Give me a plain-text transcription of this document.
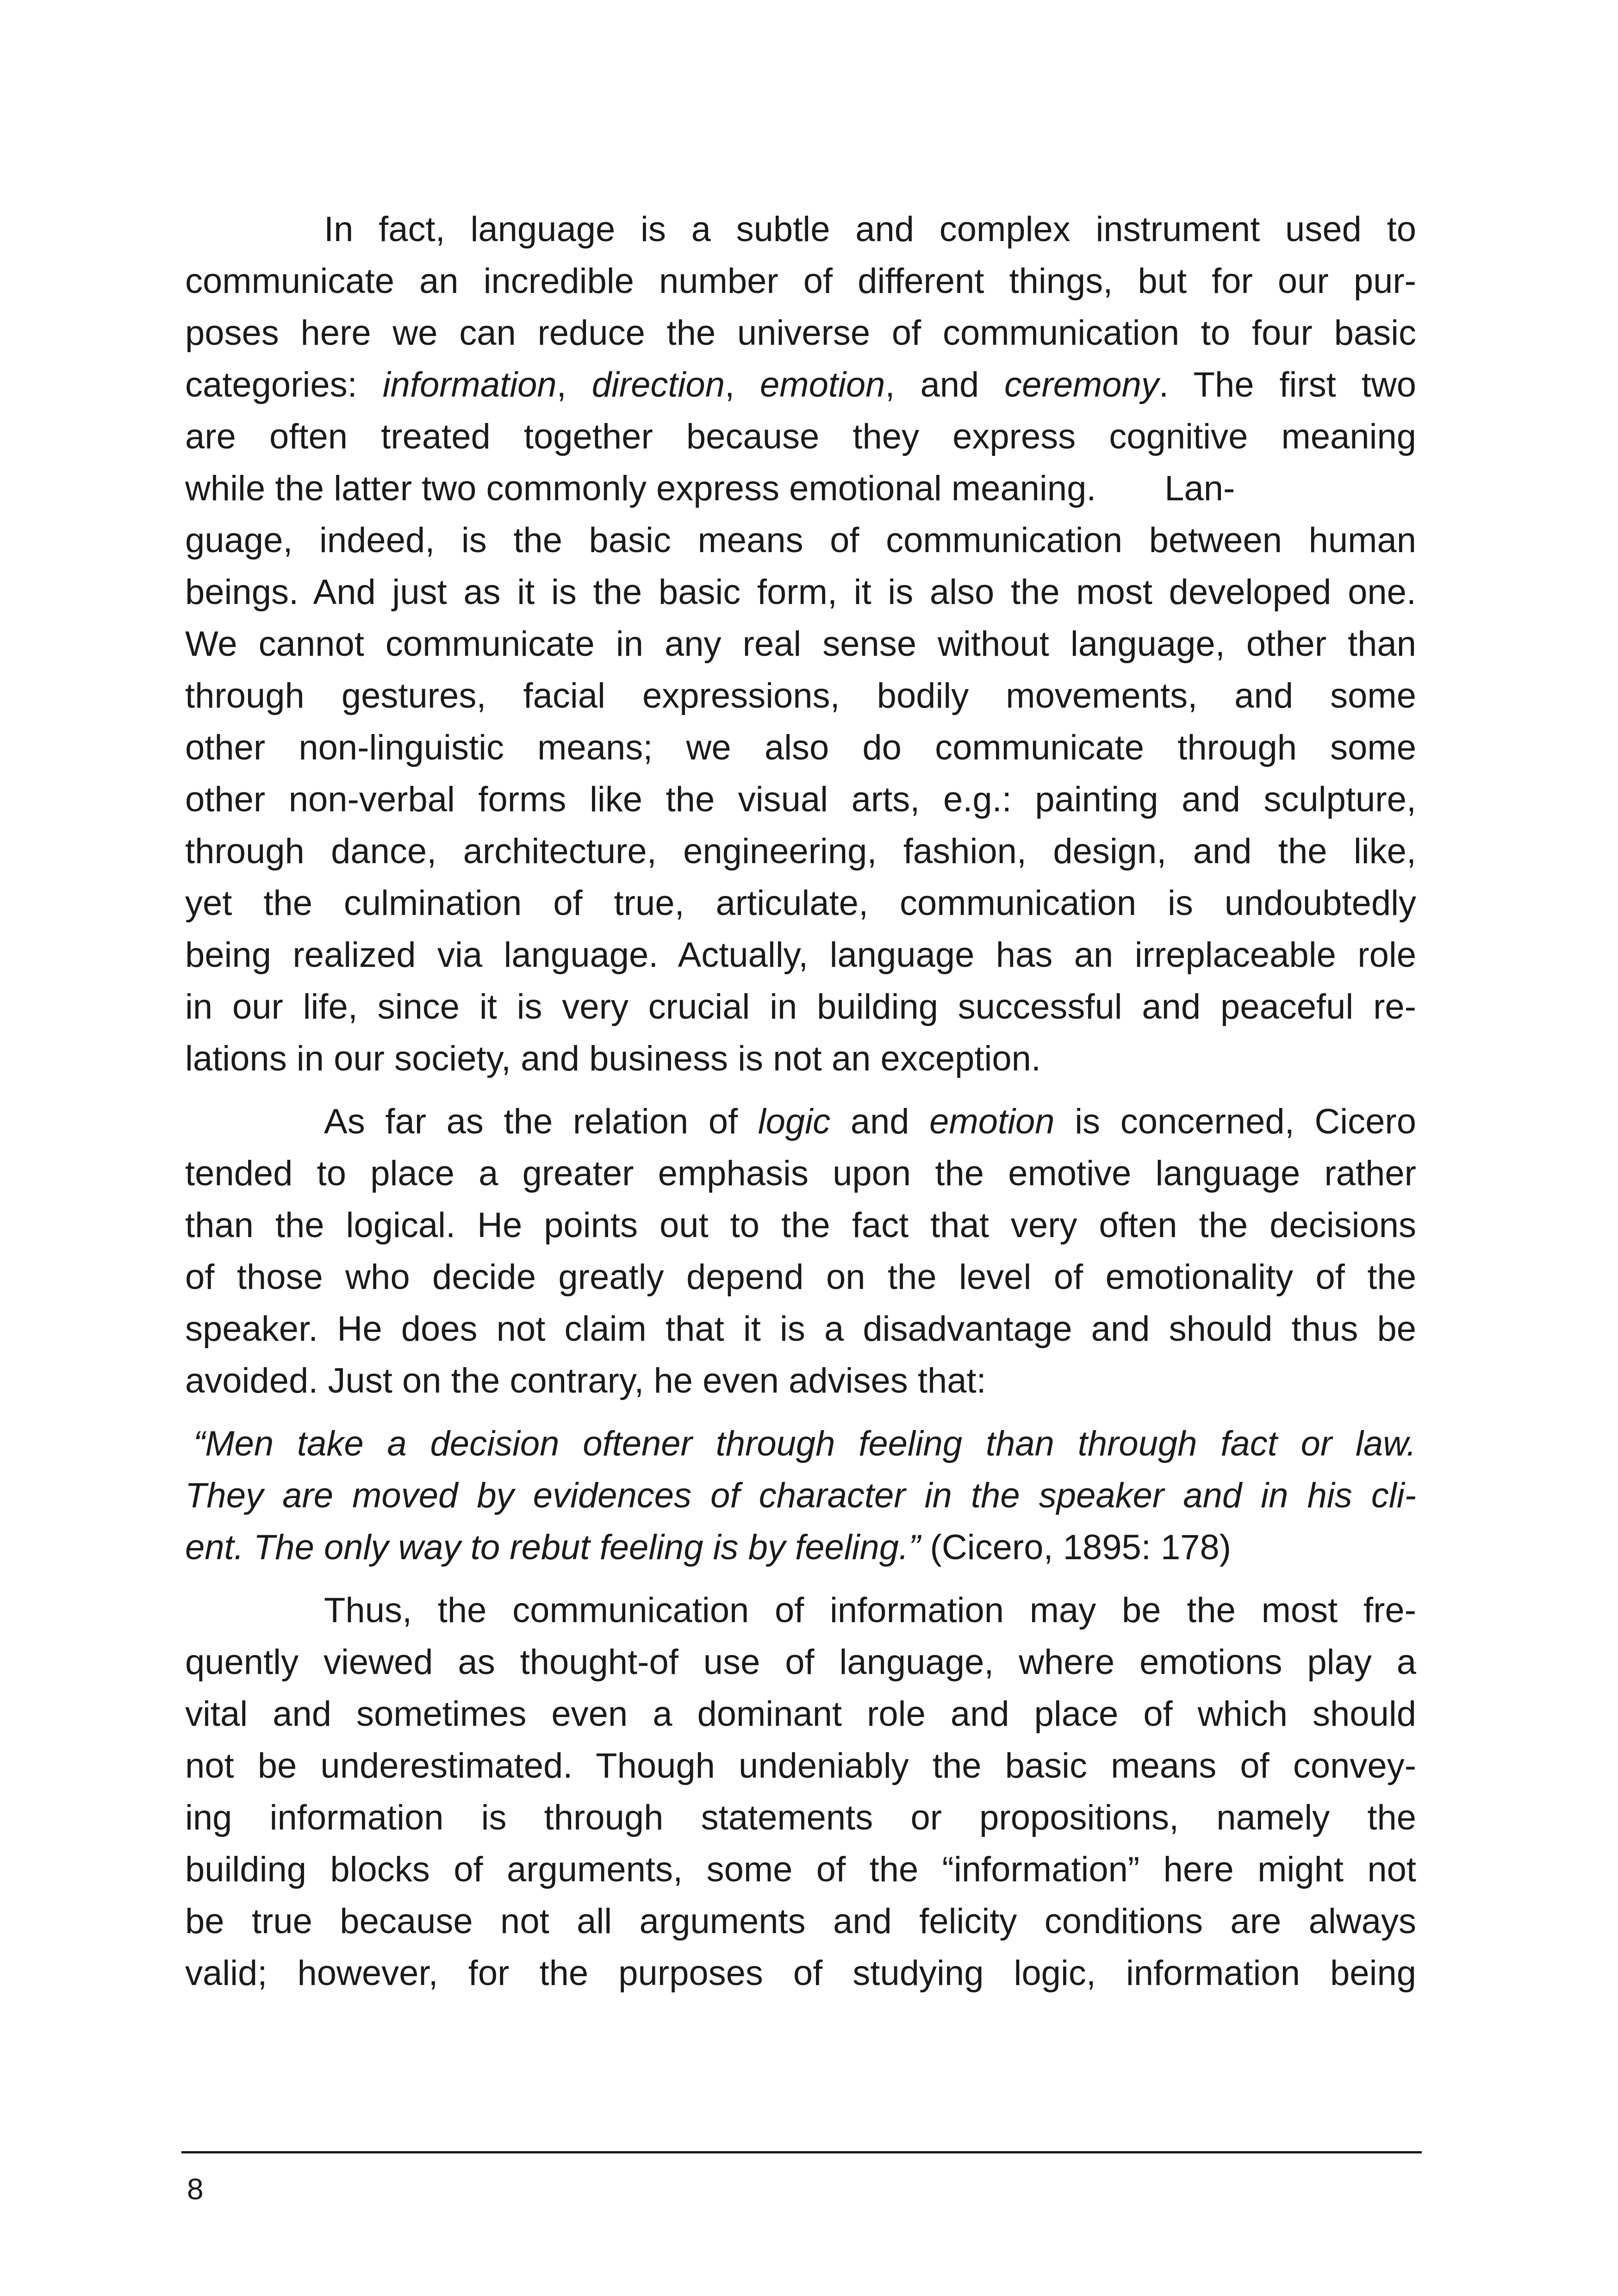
In fact, language is a subtle and complex instrument used to
communicate an incredible number of different things, but for our pur-
poses here we can reduce the universe of communication to four basic
categories: information, direction, emotion, and ceremony. The first two
are often treated together because they express cognitive meaning
while the latter two commonly express emotional meaning.       Lan-
guage, indeed, is the basic means of communication between human
beings. And just as it is the basic form, it is also the most developed one.
We cannot communicate in any real sense without language, other than
through gestures, facial expressions, bodily movements, and some
other non-linguistic means; we also do communicate through some
other non-verbal forms like the visual arts, e.g.: painting and sculpture,
through dance, architecture, engineering, fashion, design, and the like,
yet the culmination of true, articulate, communication is undoubtedly
being realized via language. Actually, language has an irreplaceable role
in our life, since it is very crucial in building successful and peaceful re-
lations in our society, and business is not an exception.
As far as the relation of logic and emotion is concerned, Cicero
tended to place a greater emphasis upon the emotive language rather
than the logical. He points out to the fact that very often the decisions
of those who decide greatly depend on the level of emotionality of the
speaker. He does not claim that it is a disadvantage and should thus be
avoided. Just on the contrary, he even advises that:
“Men take a decision oftener through feeling than through fact or law.
They are moved by evidences of character in the speaker and in his cli-
ent. The only way to rebut feeling is by feeling.” (Cicero, 1895: 178)
Thus, the communication of information may be the most fre-
quently viewed as thought-of use of language, where emotions play a
vital and sometimes even a dominant role and place of which should
not be underestimated. Though undeniably the basic means of convey-
ing information is through statements or propositions, namely the
building blocks of arguments, some of the “information” here might not
be true because not all arguments and felicity conditions are always
valid; however, for the purposes of studying logic, information being
8
